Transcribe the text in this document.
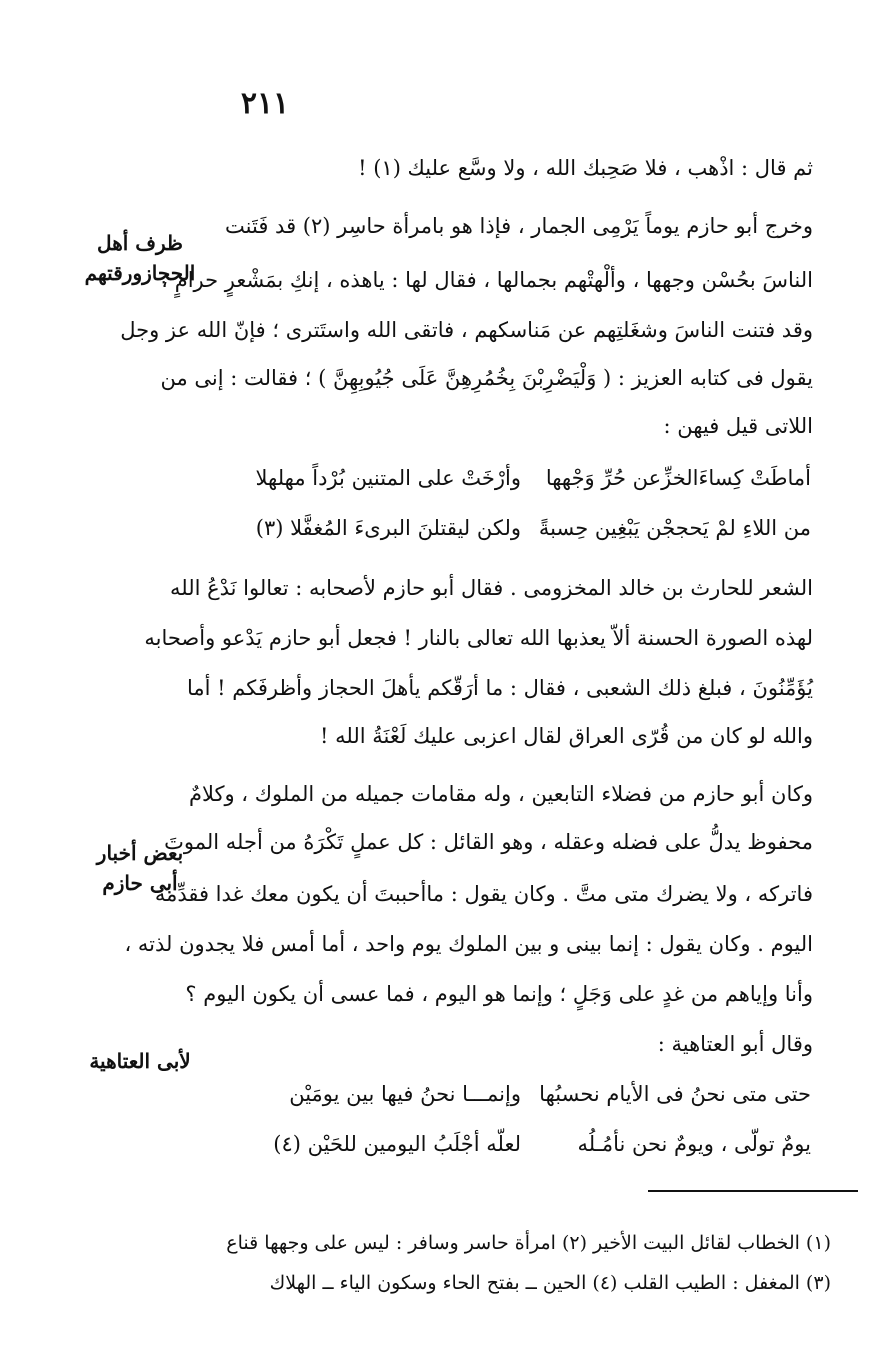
٢١١
ظرف أهل
الحجازورقتهم
بعض أخبار
أبى حازم
لأبى العتاهية
ثم قال : اذْهب ، فلا صَحِبك الله ، ولا وسَّع عليك (١) !
وخرج أبو حازم يوماً يَرْمِى الجمار ، فإذا هو بامرأة حاسِر (٢) قد فَتَنت
الناسَ بحُسْن وجهها ، وألْهتْهم بجمالها ، فقال لها : ياهذه ، إنكِ بمَشْعرٍ حرامٍ ،
وقد فتنت الناسَ وشغَلتِهم عن مَناسكهم ، فاتقى الله واستَترى ؛ فإنّ الله عز وجل
يقول فى كتابه العزيز : ( وَلْيَضْرِبْنَ بِخُمُرِهِنَّ عَلَى جُيُوبِهِنَّ ) ؛ فقالت : إنى من
اللاتى قيل فيهن :
أماطَتْ كِساءَالخزِّعن حُرِّ وَجْهها
وأرْخَتْ على المتنين بُرْداً مهلهلا
من اللاءِ لمْ يَحججْن يَبْغِين حِسبةً
ولكن ليقتلنَ البرىءَ المُغفَّلا (٣)
الشعر للحارث بن خالد المخزومى . فقال أبو حازم لأصحابه : تعالوا نَدْعُ الله
لهذه الصورة الحسنة ألاّ يعذبها الله تعالى بالنار ! فجعل أبو حازم يَدْعو وأصحابه
يُؤَمِّنُونَ ، فبلغ ذلك الشعبى ، فقال : ما أرَقّكم يأهلَ الحجاز وأظرفَكم ! أما
والله لو كان من قُرّى العراق لقال اعزبى عليك لَعْنَةُ الله !
وكان أبو حازم من فضلاء التابعين ، وله مقامات جميله من الملوك ، وكلامٌ
محفوظ يدلُّ على فضله وعقله ، وهو القائل : كل عملٍ تَكْرَهُ من أجله الموتَ
فاتركه ، ولا يضرك متى متَّ . وكان يقول : ماأحببتَ أن يكون معك غدا فقدِّمه
اليوم . وكان يقول : إنما بينى و بين الملوك يوم واحد ، أما أمس فلا يجدون لذته ،
وأنا وإياهم من غدٍ على وَجَلٍ ؛ وإنما هو اليوم ، فما عسى أن يكون اليوم ؟
وقال أبو العتاهية :
حتى متى نحنُ فى الأيام نحسبُها
وإنمـــا نحنُ فيها بين يومَيْن
يومٌ تولّى ، ويومٌ نحن نأمُـلُه
لعلّه أجْلَبُ اليومين للحَيْن (٤)
(١) الخطاب لقائل البيت الأخير (٢) امرأة حاسر وسافر : ليس على وجهها قناع
(٣) المغفل : الطيب القلب (٤) الحين ــ بفتح الحاء وسكون الياء ــ الهلاك
